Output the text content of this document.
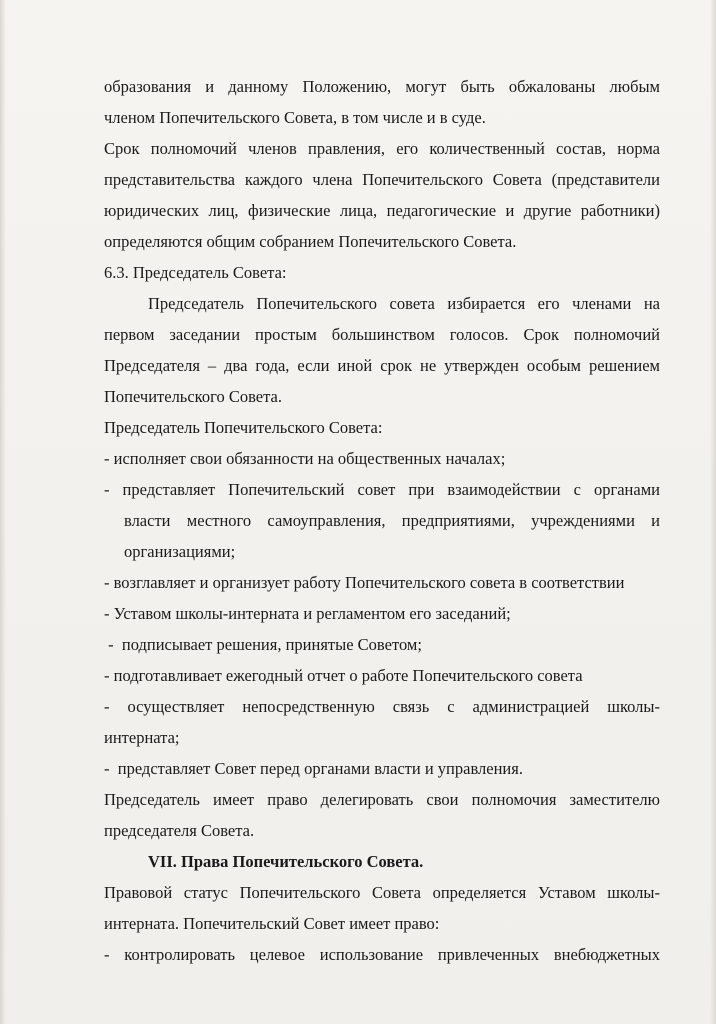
образования и данному Положению, могут быть обжалованы любым
членом Попечительского Совета, в том числе и в суде.
Срок полномочий членов правления, его количественный состав, норма
представительства каждого члена Попечительского Совета (представители
юридических лиц, физические лица, педагогические и другие работники)
определяются общим собранием Попечительского Совета.
6.3. Председатель Совета:
Председатель Попечительского совета избирается его членами на
первом заседании простым большинством голосов. Срок полномочий
Председателя – два года, если иной срок не утвержден особым решением
Попечительского Совета.
Председатель Попечительского Совета:
- исполняет свои обязанности на общественных началах;
- представляет Попечительский совет при взаимодействии с органами
власти местного самоуправления, предприятиями, учреждениями и
организациями;
- возглавляет и организует работу Попечительского совета в соответствии
- Уставом школы-интерната и регламентом его заседаний;
-  подписывает решения, принятые Советом;
- подготавливает ежегодный отчет о работе Попечительского совета
- осуществляет непосредственную связь с администрацией школы-
интерната;
-  представляет Совет перед органами власти и управления.
Председатель имеет право делегировать свои полномочия заместителю
председателя Совета.
VII. Права Попечительского Совета.
Правовой статус Попечительского Совета определяется Уставом школы-
интерната. Попечительский Совет имеет право:
- контролировать целевое использование привлеченных внебюджетных
